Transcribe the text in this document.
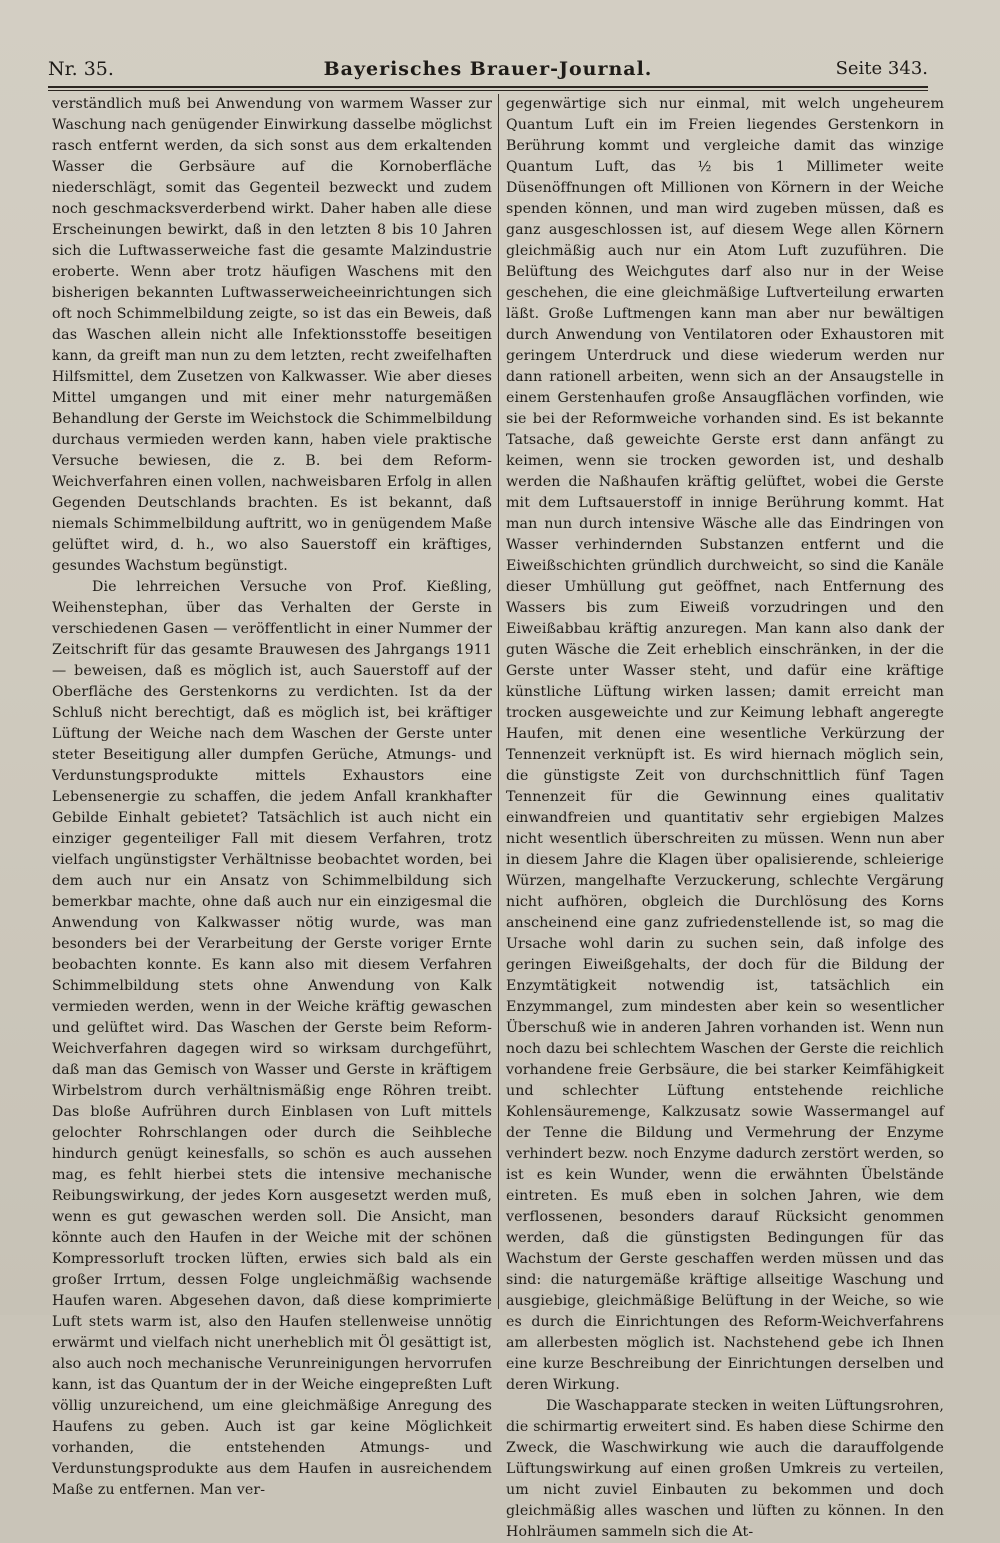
Nr. 35.	Bayerisches Brauer-Journal.	Seite 343.

verständlich muß bei Anwendung von warmem Wasser zur Waschung nach genügender Einwirkung dasselbe möglichst rasch entfernt werden, da sich sonst aus dem erkaltenden Wasser die Gerbsäure auf die Kornoberfläche niederschlägt, somit das Gegenteil bezweckt und zudem noch geschmacksverderbend wirkt. Daher haben alle diese Erscheinungen bewirkt, daß in den letzten 8 bis 10 Jahren sich die Luftwasserweiche fast die gesamte Malzindustrie eroberte. Wenn aber trotz häufigen Waschens mit den bisherigen bekannten Luftwasserweicheeinrichtungen sich oft noch Schimmelbildung zeigte, so ist das ein Beweis, daß das Waschen allein nicht alle Infektionsstoffe beseitigen kann, da greift man nun zu dem letzten, recht zweifelhaften Hilfsmittel, dem Zusetzen von Kalkwasser. Wie aber dieses Mittel umgangen und mit einer mehr naturgemäßen Behandlung der Gerste im Weichstock die Schimmelbildung durchaus vermieden werden kann, haben viele praktische Versuche bewiesen, die z. B. bei dem Reform-Weichverfahren einen vollen, nachweisbaren Erfolg in allen Gegenden Deutschlands brachten. Es ist bekannt, daß niemals Schimmelbildung auftritt, wo in genügendem Maße gelüftet wird, d. h., wo also Sauerstoff ein kräftiges, gesundes Wachstum begünstigt.

Die lehrreichen Versuche von Prof. Kießling, Weihenstephan, über das Verhalten der Gerste in verschiedenen Gasen — veröffentlicht in einer Nummer der Zeitschrift für das gesamte Brauwesen des Jahrgangs 1911 — beweisen, daß es möglich ist, auch Sauerstoff auf der Oberfläche des Gerstenkorns zu verdichten. Ist da der Schluß nicht berechtigt, daß es möglich ist, bei kräftiger Lüftung der Weiche nach dem Waschen der Gerste unter steter Beseitigung aller dumpfen Gerüche, Atmungs- und Verdunstungsprodukte mittels Exhaustors eine Lebensenergie zu schaffen, die jedem Anfall krankhafter Gebilde Einhalt gebietet? Tatsächlich ist auch nicht ein einziger gegenteiliger Fall mit diesem Verfahren, trotz vielfach ungünstigster Verhältnisse beobachtet worden, bei dem auch nur ein Ansatz von Schimmelbildung sich bemerkbar machte, ohne daß auch nur ein einzigesmal die Anwendung von Kalkwasser nötig wurde, was man besonders bei der Verarbeitung der Gerste voriger Ernte beobachten konnte. Es kann also mit diesem Verfahren Schimmelbildung stets ohne Anwendung von Kalk vermieden werden, wenn in der Weiche kräftig gewaschen und gelüftet wird. Das Waschen der Gerste beim Reform-Weichverfahren dagegen wird so wirksam durchgeführt, daß man das Gemisch von Wasser und Gerste in kräftigem Wirbelstrom durch verhältnismäßig enge Röhren treibt. Das bloße Aufrühren durch Einblasen von Luft mittels gelochter Rohrschlangen oder durch die Seihbleche hindurch genügt keinesfalls, so schön es auch aussehen mag, es fehlt hierbei stets die intensive mechanische Reibungswirkung, der jedes Korn ausgesetzt werden muß, wenn es gut gewaschen werden soll. Die Ansicht, man könnte auch den Haufen in der Weiche mit der schönen Kompressorluft trocken lüften, erwies sich bald als ein großer Irrtum, dessen Folge ungleichmäßig wachsende Haufen waren. Abgesehen davon, daß diese komprimierte Luft stets warm ist, also den Haufen stellenweise unnötig erwärmt und vielfach nicht unerheblich mit Öl gesättigt ist, also auch noch mechanische Verunreinigungen hervorrufen kann, ist das Quantum der in der Weiche eingepreßten Luft völlig unzureichend, um eine gleichmäßige Anregung des Haufens zu geben. Auch ist gar keine Möglichkeit vorhanden, die entstehenden Atmungs- und Verdunstungsprodukte aus dem Haufen in ausreichendem Maße zu entfernen. Man ver-

gegenwärtige sich nur einmal, mit welch ungeheurem Quantum Luft ein im Freien liegendes Gerstenkorn in Berührung kommt und vergleiche damit das winzige Quantum Luft, das ½ bis 1 Millimeter weite Düsenöffnungen oft Millionen von Körnern in der Weiche spenden können, und man wird zugeben müssen, daß es ganz ausgeschlossen ist, auf diesem Wege allen Körnern gleichmäßig auch nur ein Atom Luft zuzuführen. Die Belüftung des Weichgutes darf also nur in der Weise geschehen, die eine gleichmäßige Luftverteilung erwarten läßt. Große Luftmengen kann man aber nur bewältigen durch Anwendung von Ventilatoren oder Exhaustoren mit geringem Unterdruck und diese wiederum werden nur dann rationell arbeiten, wenn sich an der Ansaugstelle in einem Gerstenhaufen große Ansaugflächen vorfinden, wie sie bei der Reformweiche vorhanden sind. Es ist bekannte Tatsache, daß geweichte Gerste erst dann anfängt zu keimen, wenn sie trocken geworden ist, und deshalb werden die Naßhaufen kräftig gelüftet, wobei die Gerste mit dem Luftsauerstoff in innige Berührung kommt. Hat man nun durch intensive Wäsche alle das Eindringen von Wasser verhindernden Substanzen entfernt und die Eiweißschichten gründlich durchweicht, so sind die Kanäle dieser Umhüllung gut geöffnet, nach Entfernung des Wassers bis zum Eiweiß vorzudringen und den Eiweißabbau kräftig anzuregen. Man kann also dank der guten Wäsche die Zeit erheblich einschränken, in der die Gerste unter Wasser steht, und dafür eine kräftige künstliche Lüftung wirken lassen; damit erreicht man trocken ausgeweichte und zur Keimung lebhaft angeregte Haufen, mit denen eine wesentliche Verkürzung der Tennenzeit verknüpft ist. Es wird hiernach möglich sein, die günstigste Zeit von durchschnittlich fünf Tagen Tennenzeit für die Gewinnung eines qualitativ einwandfreien und quantitativ sehr ergiebigen Malzes nicht wesentlich überschreiten zu müssen. Wenn nun aber in diesem Jahre die Klagen über opalisierende, schleierige Würzen, mangelhafte Verzuckerung, schlechte Vergärung nicht aufhören, obgleich die Durchlösung des Korns anscheinend eine ganz zufriedenstellende ist, so mag die Ursache wohl darin zu suchen sein, daß infolge des geringen Eiweißgehalts, der doch für die Bildung der Enzymtätigkeit notwendig ist, tatsächlich ein Enzymmangel, zum mindesten aber kein so wesentlicher Überschuß wie in anderen Jahren vorhanden ist. Wenn nun noch dazu bei schlechtem Waschen der Gerste die reichlich vorhandene freie Gerbsäure, die bei starker Keimfähigkeit und schlechter Lüftung entstehende reichliche Kohlensäuremenge, Kalkzusatz sowie Wassermangel auf der Tenne die Bildung und Vermehrung der Enzyme verhindert bezw. noch Enzyme dadurch zerstört werden, so ist es kein Wunder, wenn die erwähnten Übelstände eintreten. Es muß eben in solchen Jahren, wie dem verflossenen, besonders darauf Rücksicht genommen werden, daß die günstigsten Bedingungen für das Wachstum der Gerste geschaffen werden müssen und das sind: die naturgemäße kräftige allseitige Waschung und ausgiebige, gleichmäßige Belüftung in der Weiche, so wie es durch die Einrichtungen des Reform-Weichverfahrens am allerbesten möglich ist. Nachstehend gebe ich Ihnen eine kurze Beschreibung der Einrichtungen derselben und deren Wirkung.

Die Waschapparate stecken in weiten Lüftungsrohren, die schirmartig erweitert sind. Es haben diese Schirme den Zweck, die Waschwirkung wie auch die darauffolgende Lüftungswirkung auf einen großen Umkreis zu verteilen, um nicht zuviel Einbauten zu bekommen und doch gleichmäßig alles waschen und lüften zu können. In den Hohlräumen sammeln sich die At-
